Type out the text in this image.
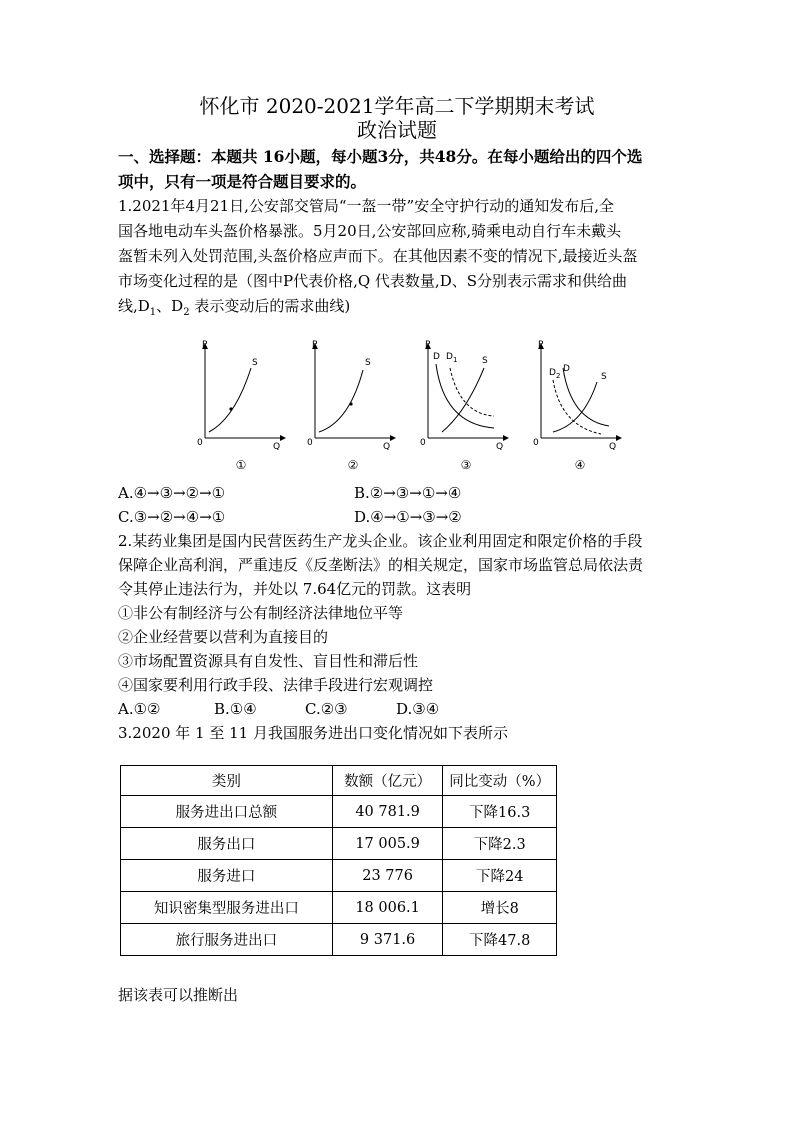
怀化市 2020-2021学年高二下学期期末考试
政治试题
一、选择题：本题共 16小题，每小题3分，共48分。在每小题给出的四个选
项中，只有一项是符合题目要求的。
1.2021年4月21日,公安部交管局“一盔一带”安全守护行动的通知发布后,全
国各地电动车头盔价格暴涨。5月20日,公安部回应称,骑乘电动自行车未戴头
盔暂未列入处罚范围,头盔价格应声而下。在其他因素不变的情况下,最接近头盔
市场变化过程的是（图中P代表价格,Q 代表数量,D、S分别表示需求和供给曲
线$,D_1$、$D_2$ 表示变动后的需求曲线)
P
0	Q
S
①
P
0	Q
S
②
P
0	Q
D $D_1$	S
③
P
0	Q
$D_2$
D
S
④
A.④→③→②→①	B.②→③→①→④
C.③→②→④→①	D.④→①→③→②
2.某药业集团是国内民营医药生产龙头企业。该企业利用固定和限定价格的手段
保障企业高利润，严重违反《反垄断法》的相关规定，国家市场监管总局依法责
令其停止违法行为，并处以 7.64亿元的罚款。这表明
①非公有制经济与公有制经济法律地位平等
②企业经营要以营利为直接目的
③市场配置资源具有自发性、盲目性和滞后性
④国家要利用行政手段、法律手段进行宏观调控
A.①②	B.①④	C.②③	D.③④
3.2020 年 1 至 11 月我国服务进出口变化情况如下表所示
类别	数额（亿元）	同比变动（%）
服务进出口总额	40 781.9	下降16.3
服务出口	17 005.9	下降2.3
服务进口	23 776	下降24
知识密集型服务进出口	18 006.1	增长8
旅行服务进出口	9 371.6	下降47.8
据该表可以推断出
